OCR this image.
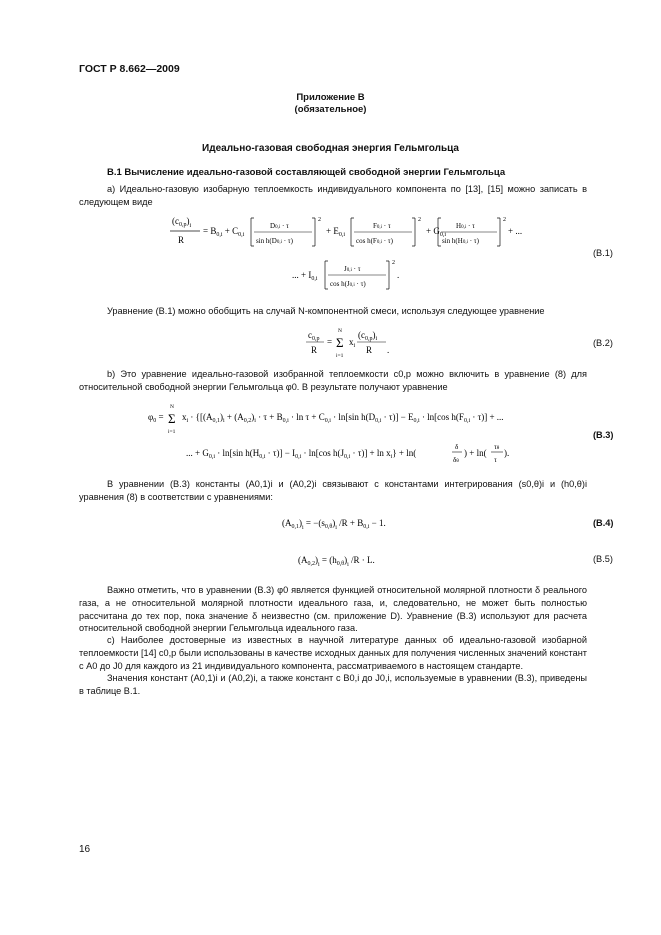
ГОСТ Р 8.662—2009
Приложение В
(обязательное)
Идеально-газовая свободная энергия Гельмгольца
В.1 Вычисление идеально-газовой составляющей свободной энергии Гельмгольца
а) Идеально-газовую изобарную теплоемкость индивидуального компонента по [13], [15] можно записать в следующем виде
$(c_{0,p})_i$
R
= $B_{0,i} + C_{0,i}$
D0,i · τ
sin h(D0,i · τ)
2
+ $E_{0,i}$
F0,i · τ
cos h(F0,i · τ)
2
+ $G_{0,i}$
H0,i · τ
sin h(H0,i · τ)
2
+ ...
... + $I_{0,i}$
J0,i · τ
cos h(J0,i · τ)
2
.
(В.1)
Уравнение (В.1) можно обобщить на случай N-компонентной смеси, используя следующее уравнение
$c_{0,p}$
R
= Σ
N
i=1
$x_i$
$(c_{0,p})_i$
R .
(В.2)
b) Это уравнение идеально-газовой изобранной теплоемкости c0,p можно включить в уравнение (8) для относительной свободной энергии Гельмгольца φ0. В результате получают уравнение
$\varphi_0 = \Sigma$
N
i=1
$x_i \cdot \{[(A_{0,1})_i + (A_{0,2})_i \cdot \tau + B_{0,i} \cdot \ln \tau + C_{0,i} \cdot \ln[\sin$ $h(D_{0,i} \cdot \tau)] - E_{0,i} \cdot \ln[\cos$ $h(F_{0,i} \cdot \tau)$] + ...
... + $G_{0,i} \cdot \ln[\sin$ $h(H_{0,i} \cdot \tau)] - I_{0,i} \cdot \ln[\cos$ $h(J_{0,i} \cdot \tau)] + \ln x_i\} + \ln$(
δ
δθ
) + ln(
τθ
τ
).
(В.3)
В уравнении (В.3) константы (A0,1)i и (A0,2)i связывают с константами интегрирования (s0,θ)i и (h0,θ)i уравнения (8) в соответствии с уравнениями:
$(A_{0,1})_i = -(s_{0,\theta})_i$ $/R + B_{0,i} - 1$.	(В.4)
$(A_{0,2})_i = (h_{0,\theta})_i$ /R · L.	(В.5)
Важно отметить, что в уравнении (В.3) φ0 является функцией относительной молярной плотности δ реального газа, а не относительной молярной плотности идеального газа, и, следовательно, не может быть полностью рассчитана до тех пор, пока значение δ неизвестно (см. приложение D). Уравнение (В.3) используют для расчета относительной свободной энергии Гельмгольца идеального газа.
c) Наиболее достоверные из известных в научной литературе данных об идеально-газовой изобарной теплоемкости [14] c0,p были использованы в качестве исходных данных для получения численных значений констант с A0 до J0 для каждого из 21 индивидуального компонента, рассматриваемого в настоящем стандарте.
Значения констант (A0,1)i и (A0,2)i, а также констант с B0,i до J0,i, используемые в уравнении (В.3), приведены в таблице В.1.
16
